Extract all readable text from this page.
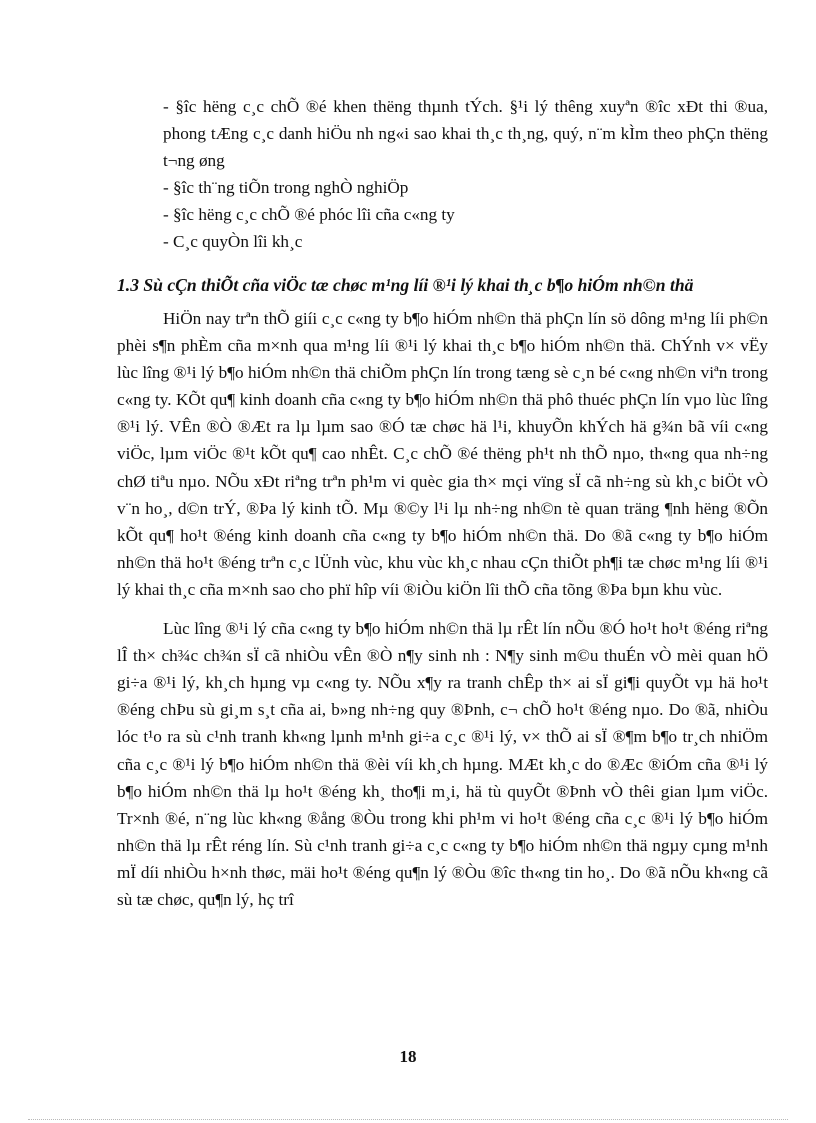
- §îc hëng c¸c chÕ ®é khen thëng thµnh tÝch. §¹i lý thêng xuyªn ®îc xÐt thi ®ua, phong tÆng c¸c danh hiÖu nh ng«i sao khai th¸c th¸ng, quý, n¨m kÌm theo phÇn thëng t¬ng øng

- §îc th¨ng tiÕn trong nghÒ nghiÖp

- §îc hëng c¸c chÕ ®é phóc lîi cña c«ng ty

- C¸c quyÒn lîi kh¸c

1.3 Sù cÇn thiÕt cña viÖc tæ chøc m¹ng líi ®¹i lý khai th¸c b¶o hiÓm nh©n thä

HiÖn nay trªn thÕ giíi c¸c c«ng ty b¶o hiÓm nh©n thä phÇn lín sö dông m¹ng líi ph©n phèi s¶n phÈm cña m×nh qua m¹ng líi ®¹i lý khai th¸c b¶o hiÓm nh©n thä. ChÝnh v× vËy lùc lîng ®¹i lý b¶o hiÓm nh©n thä chiÕm phÇn lín trong tæng sè c¸n bé c«ng nh©n viªn trong c«ng ty. KÕt qu¶ kinh doanh cña c«ng ty b¶o hiÓm nh©n thä phô thuéc phÇn lín vµo lùc lîng ®¹i lý. VÊn ®Ò ®Æt ra lµ lµm sao ®Ó tæ chøc hä l¹i, khuyÕn khÝch hä g¾n bã víi c«ng viÖc, lµm viÖc ®¹t kÕt qu¶ cao nhÊt. C¸c chÕ ®é thëng ph¹t nh thÕ nµo, th«ng qua nh÷ng chØ tiªu nµo. NÕu xÐt riªng trªn ph¹m vi quèc gia th× mçi vïng sÏ cã nh÷ng sù kh¸c biÖt vÒ v¨n ho¸, d©n trÝ, ®Þa lý kinh tÕ. Mµ ®©y l¹i lµ nh÷ng nh©n tè quan träng ¶nh hëng ®Õn kÕt qu¶ ho¹t ®éng kinh doanh cña c«ng ty b¶o hiÓm nh©n thä. Do ®ã c«ng ty b¶o hiÓm nh©n thä ho¹t ®éng trªn c¸c lÜnh vùc, khu vùc kh¸c nhau cÇn thiÕt ph¶i tæ chøc m¹ng líi ®¹i lý khai th¸c cña m×nh sao cho phï hîp víi ®iÒu kiÖn lîi thÕ cña tõng ®Þa bµn khu vùc.

Lùc lîng ®¹i lý cña c«ng ty b¶o hiÓm nh©n thä lµ rÊt lín nÕu ®Ó ho¹t ho¹t ®éng riªng lÎ th× ch¾c ch¾n sÏ cã nhiÒu vÊn ®Ò n¶y sinh nh : N¶y sinh m©u thuÉn vÒ mèi quan hÖ gi÷a ®¹i lý, kh¸ch hµng vµ c«ng ty. NÕu x¶y ra tranh chÊp th× ai sÏ gi¶i quyÕt vµ hä ho¹t ®éng chÞu sù gi¸m s¸t cña ai, b»ng nh÷ng quy ®Þnh, c¬ chÕ ho¹t ®éng nµo. Do ®ã, nhiÒu lóc t¹o ra sù c¹nh tranh kh«ng lµnh m¹nh gi÷a c¸c ®¹i lý, v× thÕ ai sÏ ®¶m b¶o tr¸ch nhiÖm cña c¸c ®¹i lý b¶o hiÓm nh©n thä ®èi víi kh¸ch hµng. MÆt kh¸c do ®Æc ®iÓm cña ®¹i lý b¶o hiÓm nh©n thä lµ ho¹t ®éng kh¸ tho¶i m¸i, hä tù quyÕt ®Þnh vÒ thêi gian lµm viÖc. Tr×nh ®é, n¨ng lùc kh«ng ®ång ®Òu trong khi ph¹m vi ho¹t ®éng cña c¸c ®¹i lý b¶o hiÓm nh©n thä lµ rÊt réng lín. Sù c¹nh tranh gi÷a c¸c c«ng ty b¶o hiÓm nh©n thä ngµy cµng m¹nh mÏ díi nhiÒu h×nh thøc, mäi ho¹t ®éng qu¶n lý ®Òu ®îc th«ng tin ho¸. Do ®ã nÕu kh«ng cã sù tæ chøc, qu¶n lý, hç trî

18
